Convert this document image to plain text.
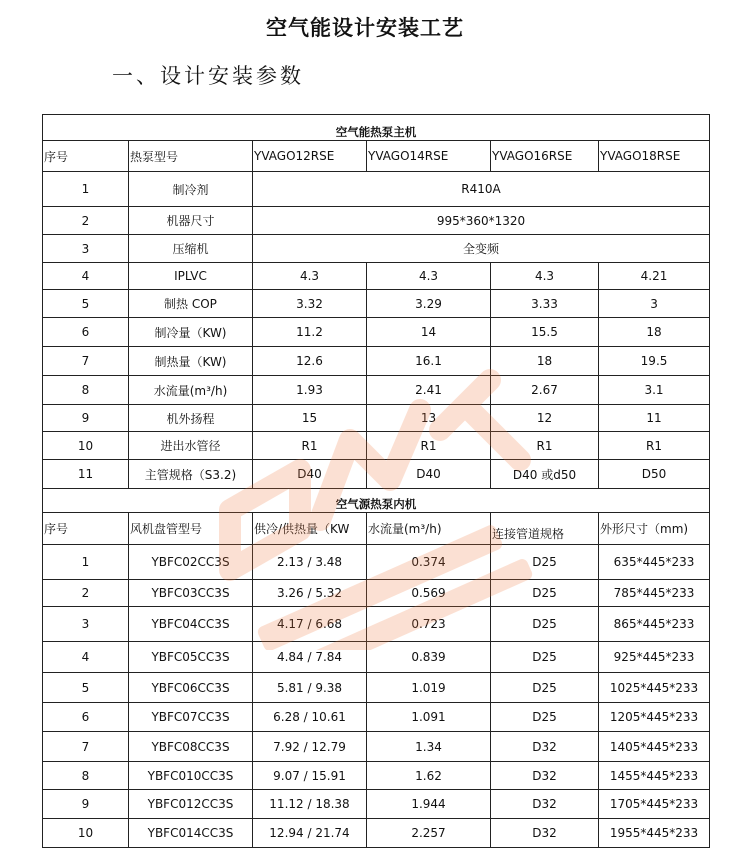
空气能设计安装工艺
一、设计安装参数
空气能热泵主机					
序号	热泵型号	YVAGO12RSE	YVAGO14RSE	YVAGO16RSE	YVAGO18RSE
1	制冷剂	R410A			
2	机器尺寸	995*360*1320			
3	压缩机	全变频			
4	IPLVC	4.3	4.3	4.3	4.21
5	制热 COP	3.32	3.29	3.33	3
6	制冷量（KW)	11.2	14	15.5	18
7	制热量（KW)	12.6	16.1	18	19.5
8	水流量(m³/h)	1.93	2.41	2.67	3.1
9	机外扬程	15	13	12	11
10	进出水管径	R1	R1	R1	R1
11	主管规格（S3.2)	D40	D40	D40 或d50	D50
空气源热泵内机					
序号	风机盘管型号	供冷/供热量（KW	水流量(m³/h)	连接管道规格	外形尺寸（mm)
1	YBFC02CC3S	2.13 / 3.48	0.374	D25	635*445*233
2	YBFC03CC3S	3.26 / 5.32	0.569	D25	785*445*233
3	YBFC04CC3S	4.17 / 6.68	0.723	D25	865*445*233
4	YBFC05CC3S	4.84 / 7.84	0.839	D25	925*445*233
5	YBFC06CC3S	5.81 / 9.38	1.019	D25	1025*445*233
6	YBFC07CC3S	6.28 / 10.61	1.091	D25	1205*445*233
7	YBFC08CC3S	7.92 / 12.79	1.34	D32	1405*445*233
8	YBFC010CC3S	9.07 / 15.91	1.62	D32	1455*445*233
9	YBFC012CC3S	11.12 / 18.38	1.944	D32	1705*445*233
10	YBFC014CC3S	12.94 / 21.74	2.257	D32	1955*445*233
